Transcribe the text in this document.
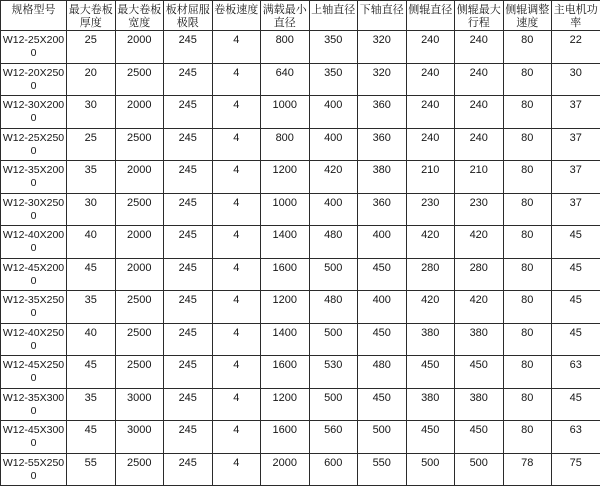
规格型号	最大卷板厚度	最大卷板宽度	板材屈服极限	卷板速度	满载最小直径	上轴直径	下轴直径	侧辊直径	侧辊最大行程	侧辊调整速度	主电机功率
W12-25X2000	25	2000	245	4	800	350	320	240	240	80	22
W12-20X2500	20	2500	245	4	640	350	320	240	240	80	30
W12-30X2000	30	2000	245	4	1000	400	360	240	240	80	37
W12-25X2500	25	2500	245	4	800	400	360	240	240	80	37
W12-35X2000	35	2000	245	4	1200	420	380	210	210	80	37
W12-30X2500	30	2500	245	4	1000	400	360	230	230	80	37
W12-40X2000	40	2000	245	4	1400	480	400	420	420	80	45
W12-45X2000	45	2000	245	4	1600	500	450	280	280	80	45
W12-35X2500	35	2500	245	4	1200	480	400	420	420	80	45
W12-40X2500	40	2500	245	4	1400	500	450	380	380	80	45
W12-45X2500	45	2500	245	4	1600	530	480	450	450	80	63
W12-35X3000	35	3000	245	4	1200	500	450	380	380	80	45
W12-45X3000	45	3000	245	4	1600	560	500	450	450	80	63
W12-55X2500	55	2500	245	4	2000	600	550	500	500	78	75
